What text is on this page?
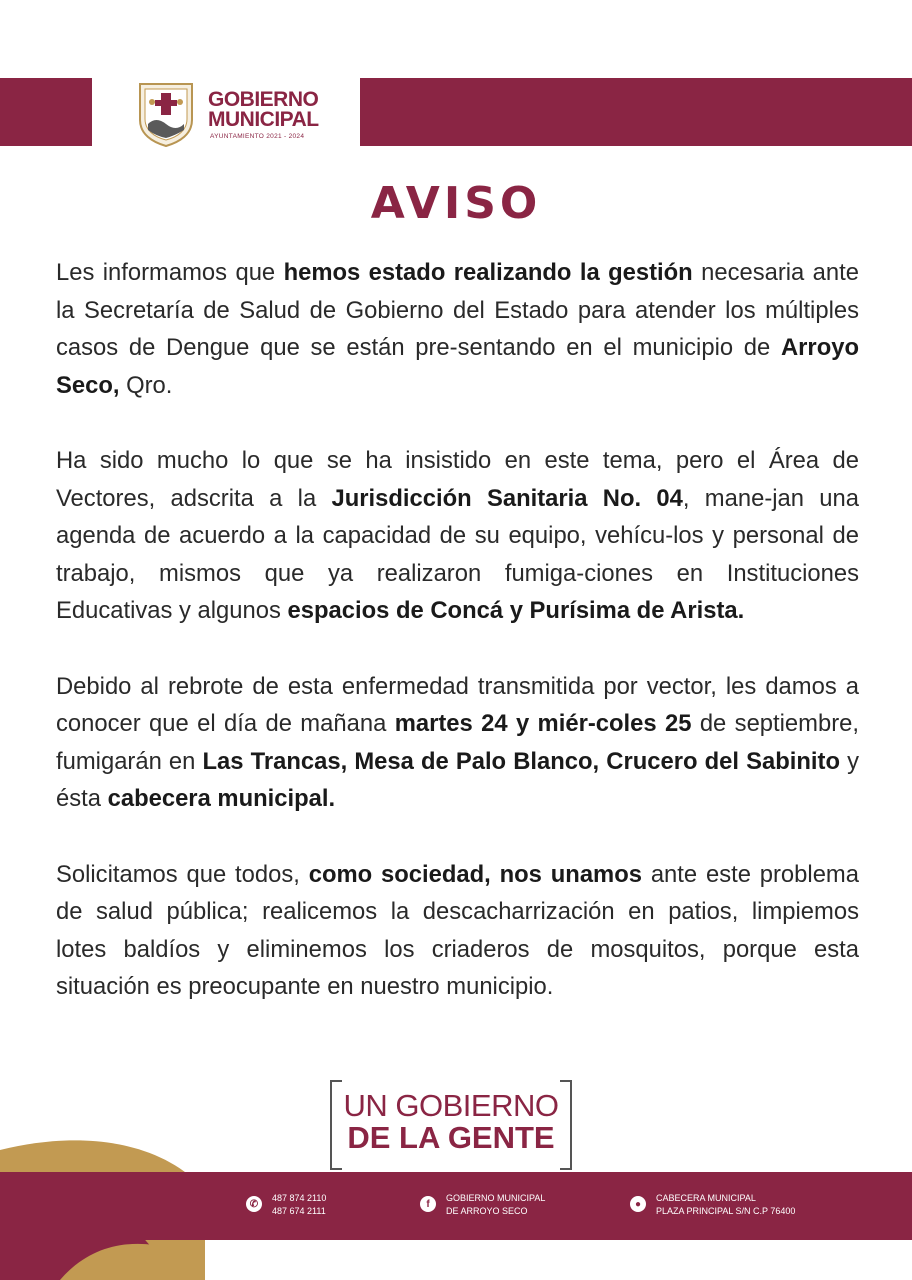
GOBIERNO
MUNICIPAL
AYUNTAMIENTO 2021 - 2024
AVISO

Les informamos que hemos estado realizando la gestión necesaria ante la Secretaría de Salud de Gobierno del Estado para atender los múltiples casos de Dengue que se están pre-sentando en el municipio de Arroyo Seco, Qro.

Ha sido mucho lo que se ha insistido en este tema, pero el Área de Vectores, adscrita a la Jurisdicción Sanitaria No. 04, mane-jan una agenda de acuerdo a la capacidad de su equipo, vehícu-los y personal de trabajo, mismos que ya realizaron fumiga-ciones en Instituciones Educativas y algunos espacios de Concá y Purísima de Arista.

Debido al rebrote de esta enfermedad transmitida por vector, les damos a conocer que el día de mañana martes 24 y miér-coles 25 de septiembre, fumigarán en Las Trancas, Mesa de Palo Blanco, Crucero del Sabinito y ésta cabecera municipal.

Solicitamos que todos, como sociedad, nos unamos ante este problema de salud pública; realicemos la descacharrización en patios, limpiemos lotes baldíos y eliminemos los criaderos de mosquitos, porque esta situación es preocupante en nuestro municipio.

UN GOBIERNO
DE LA GENTE
✆
487 874 2110
487 674 2111
f
GOBIERNO MUNICIPAL
DE ARROYO SECO
●
CABECERA MUNICIPAL
PLAZA PRINCIPAL S/N C.P 76400
